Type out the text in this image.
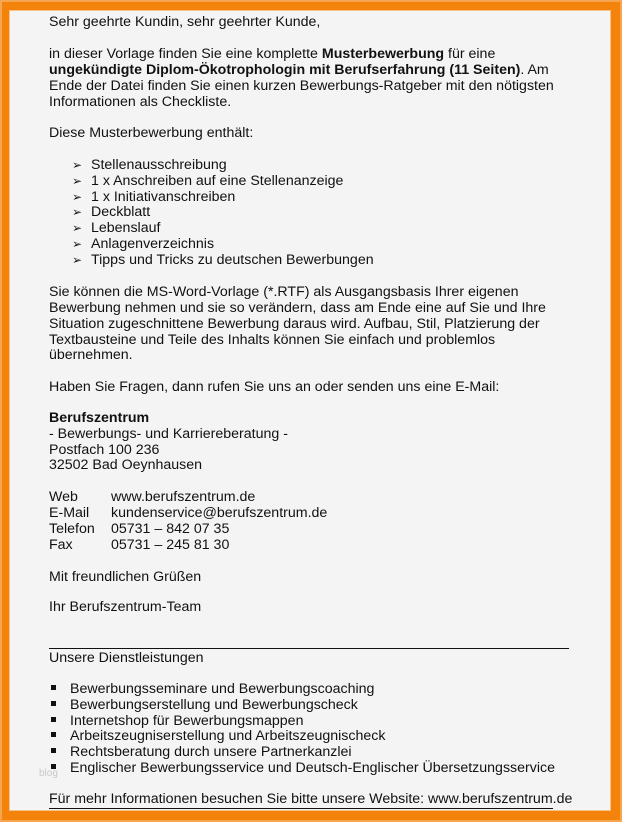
Sehr geehrte Kundin, sehr geehrter Kunde,
in dieser Vorlage finden Sie eine komplette Musterbewerbung für eine
ungekündigte Diplom-Ökotrophologin mit Berufserfahrung (11 Seiten). Am
Ende der Datei finden Sie einen kurzen Bewerbungs-Ratgeber mit den nötigsten
Informationen als Checkliste.
Diese Musterbewerbung enthält:
➢ Stellenausschreibung
➢ 1 x Anschreiben auf eine Stellenanzeige
➢ 1 x Initiativanschreiben
➢ Deckblatt
➢ Lebenslauf
➢ Anlagenverzeichnis
➢ Tipps und Tricks zu deutschen Bewerbungen
Sie können die MS-Word-Vorlage (*.RTF) als Ausgangsbasis Ihrer eigenen
Bewerbung nehmen und sie so verändern, dass am Ende eine auf Sie und Ihre
Situation zugeschnittene Bewerbung daraus wird. Aufbau, Stil, Platzierung der
Textbausteine und Teile des Inhalts können Sie einfach und problemlos
übernehmen.
Haben Sie Fragen, dann rufen Sie uns an oder senden uns eine E-Mail:
Berufszentrum
- Bewerbungs- und Karriereberatung -
Postfach 100 236
32502 Bad Oeynhausen
Web www.berufszentrum.de
E-Mail kundenservice@berufszentrum.de
Telefon 05731 – 842 07 35
Fax	05731 – 245 81 30
Mit freundlichen Grüßen
Ihr Berufszentrum-Team
Unsere Dienstleistungen
Bewerbungsseminare und Bewerbungscoaching
Bewerbungserstellung und Bewerbungscheck
Internetshop für Bewerbungsmappen
Arbeitszeugniserstellung und Arbeitszeugnischeck
Rechtsberatung durch unsere Partnerkanzlei
Englischer Bewerbungsservice und Deutsch-Englischer Übersetzungsservice
blog
Für mehr Informationen besuchen Sie bitte unsere Website: www.berufszentrum.de
